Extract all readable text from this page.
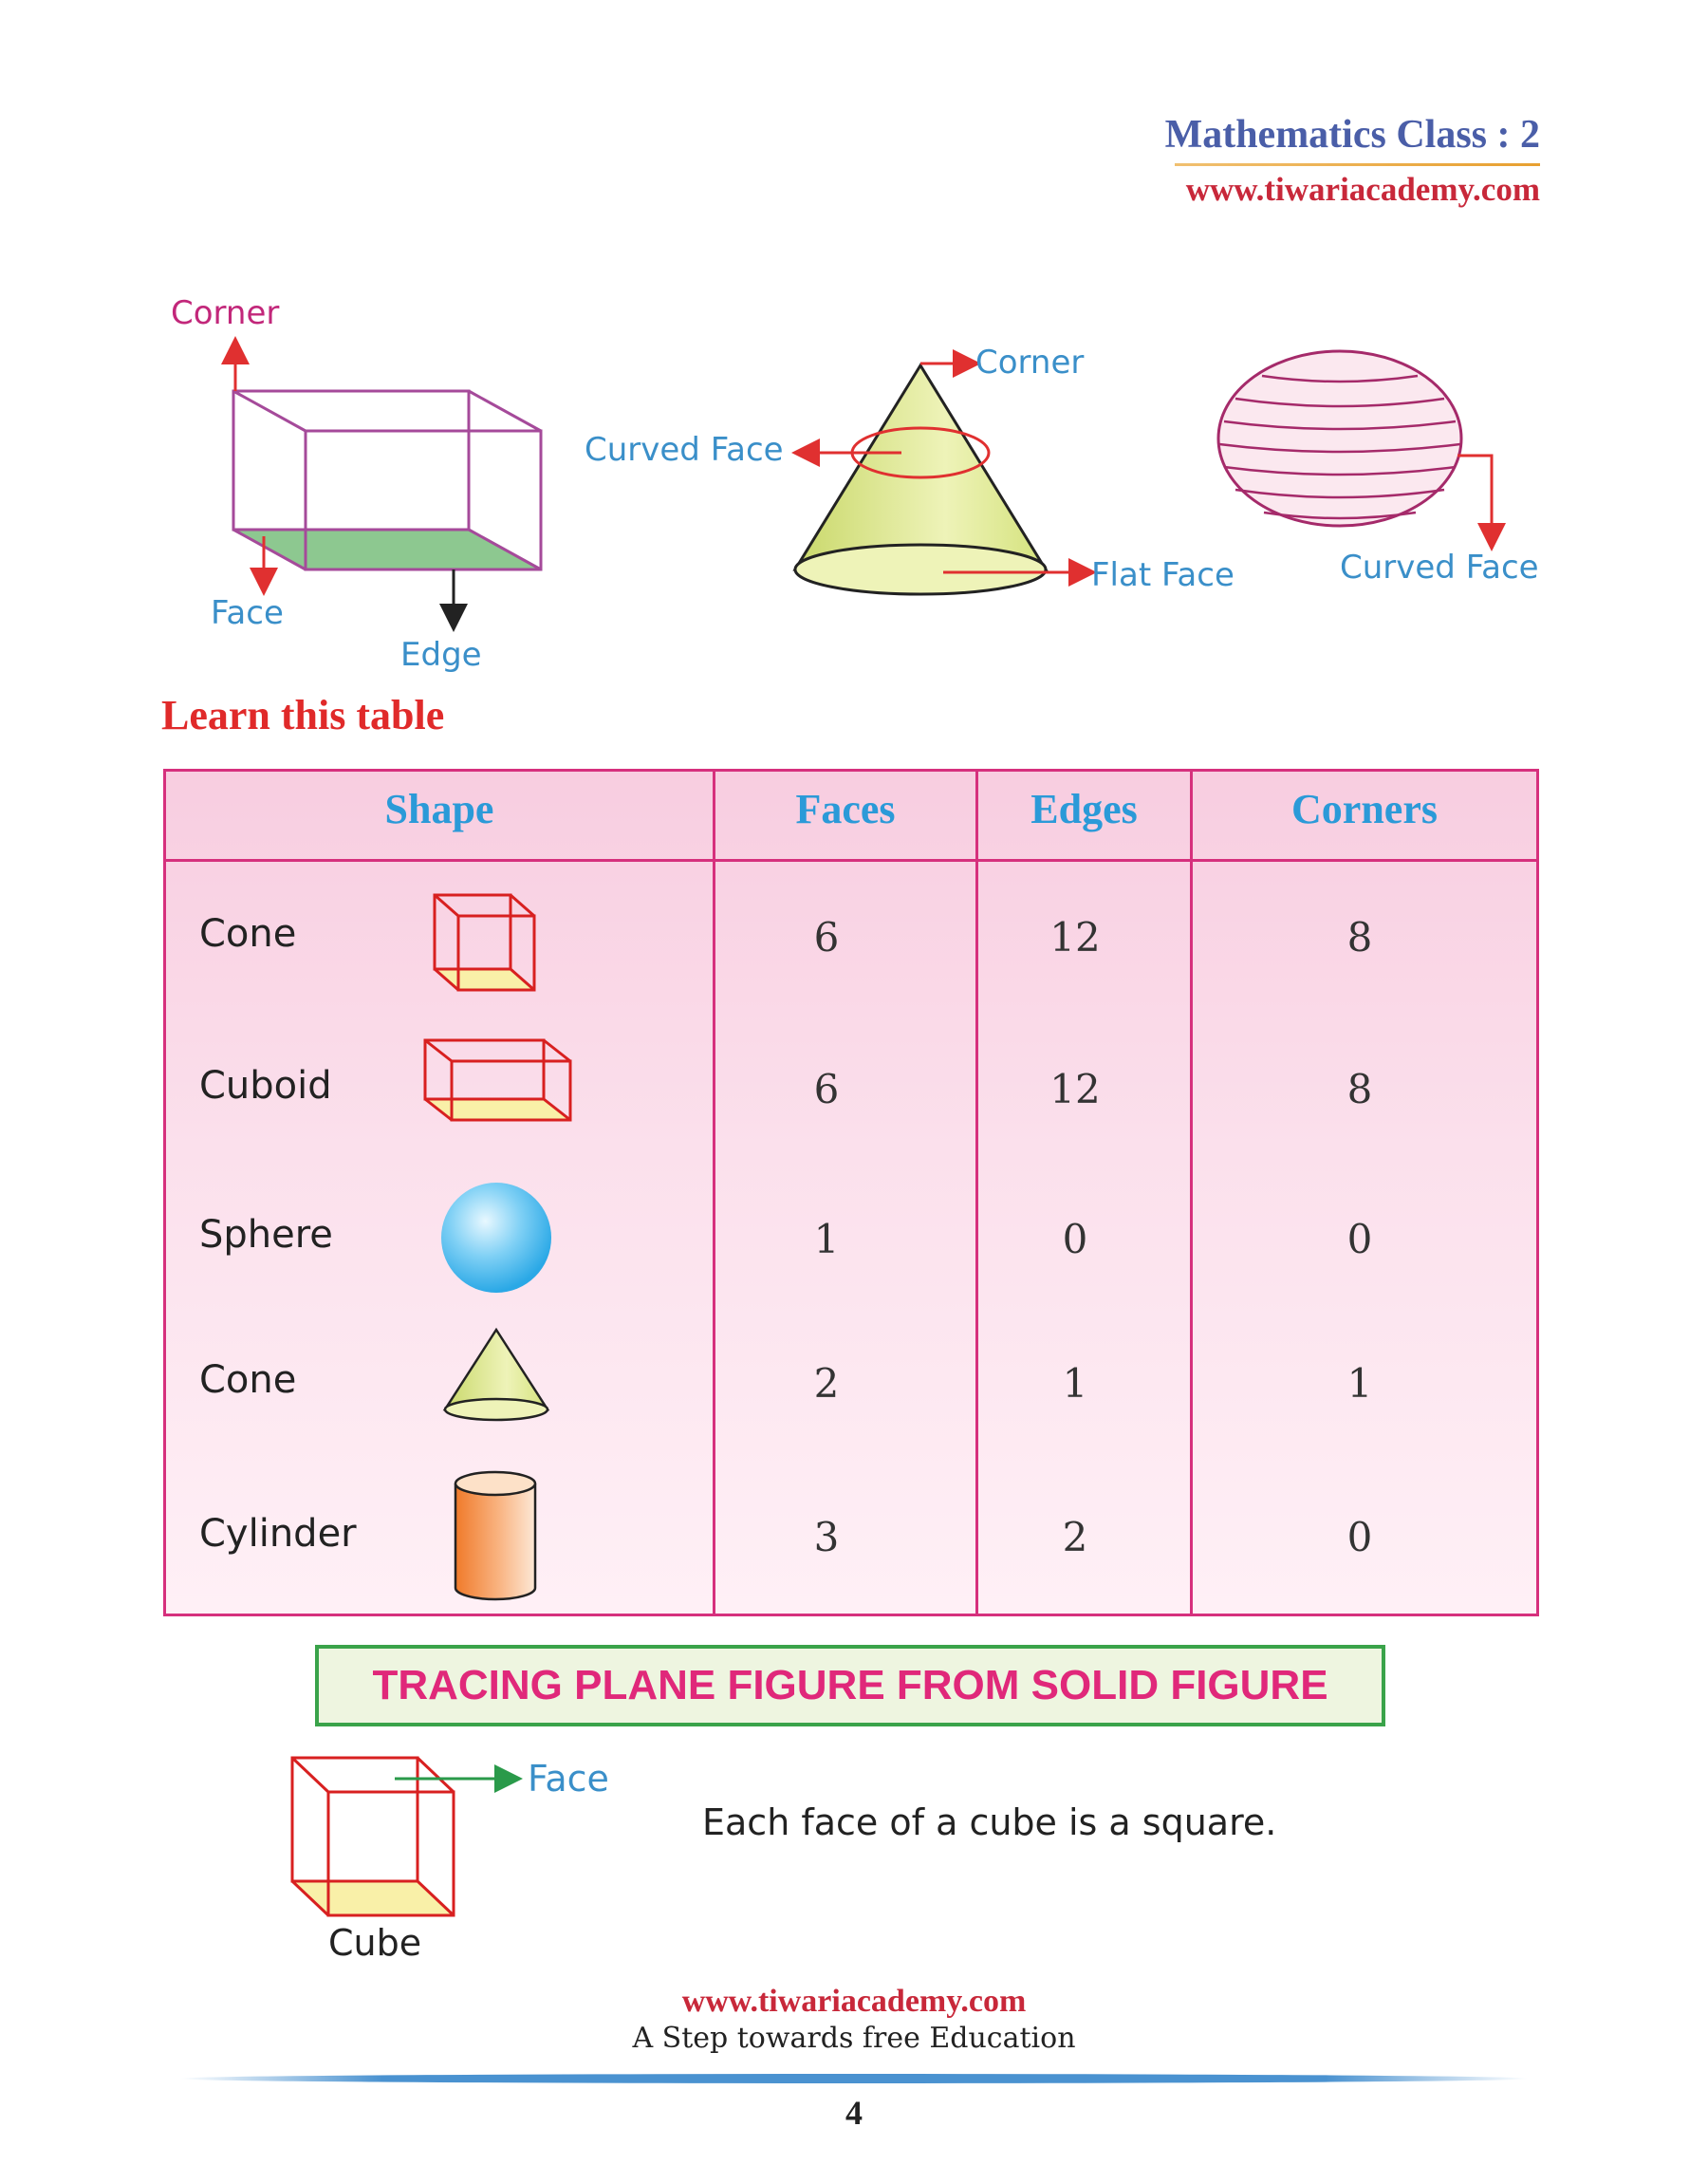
Mathematics Class : 2
www.tiwariacademy.com
Corner
Face
Edge
Corner
Curved Face
Flat Face	Curved Face
Learn this table
Shape	Faces	Edges	Corners
Cone	6	12	8
Cuboid	6	12	8
Sphere	1	0	0
Cone	2	1	1
Cylinder	3	2	0
TRACING PLANE FIGURE FROM SOLID FIGURE
Face
Cube
Each face of a cube is a square.
www.tiwariacademy.com
A Step towards free Education
4
